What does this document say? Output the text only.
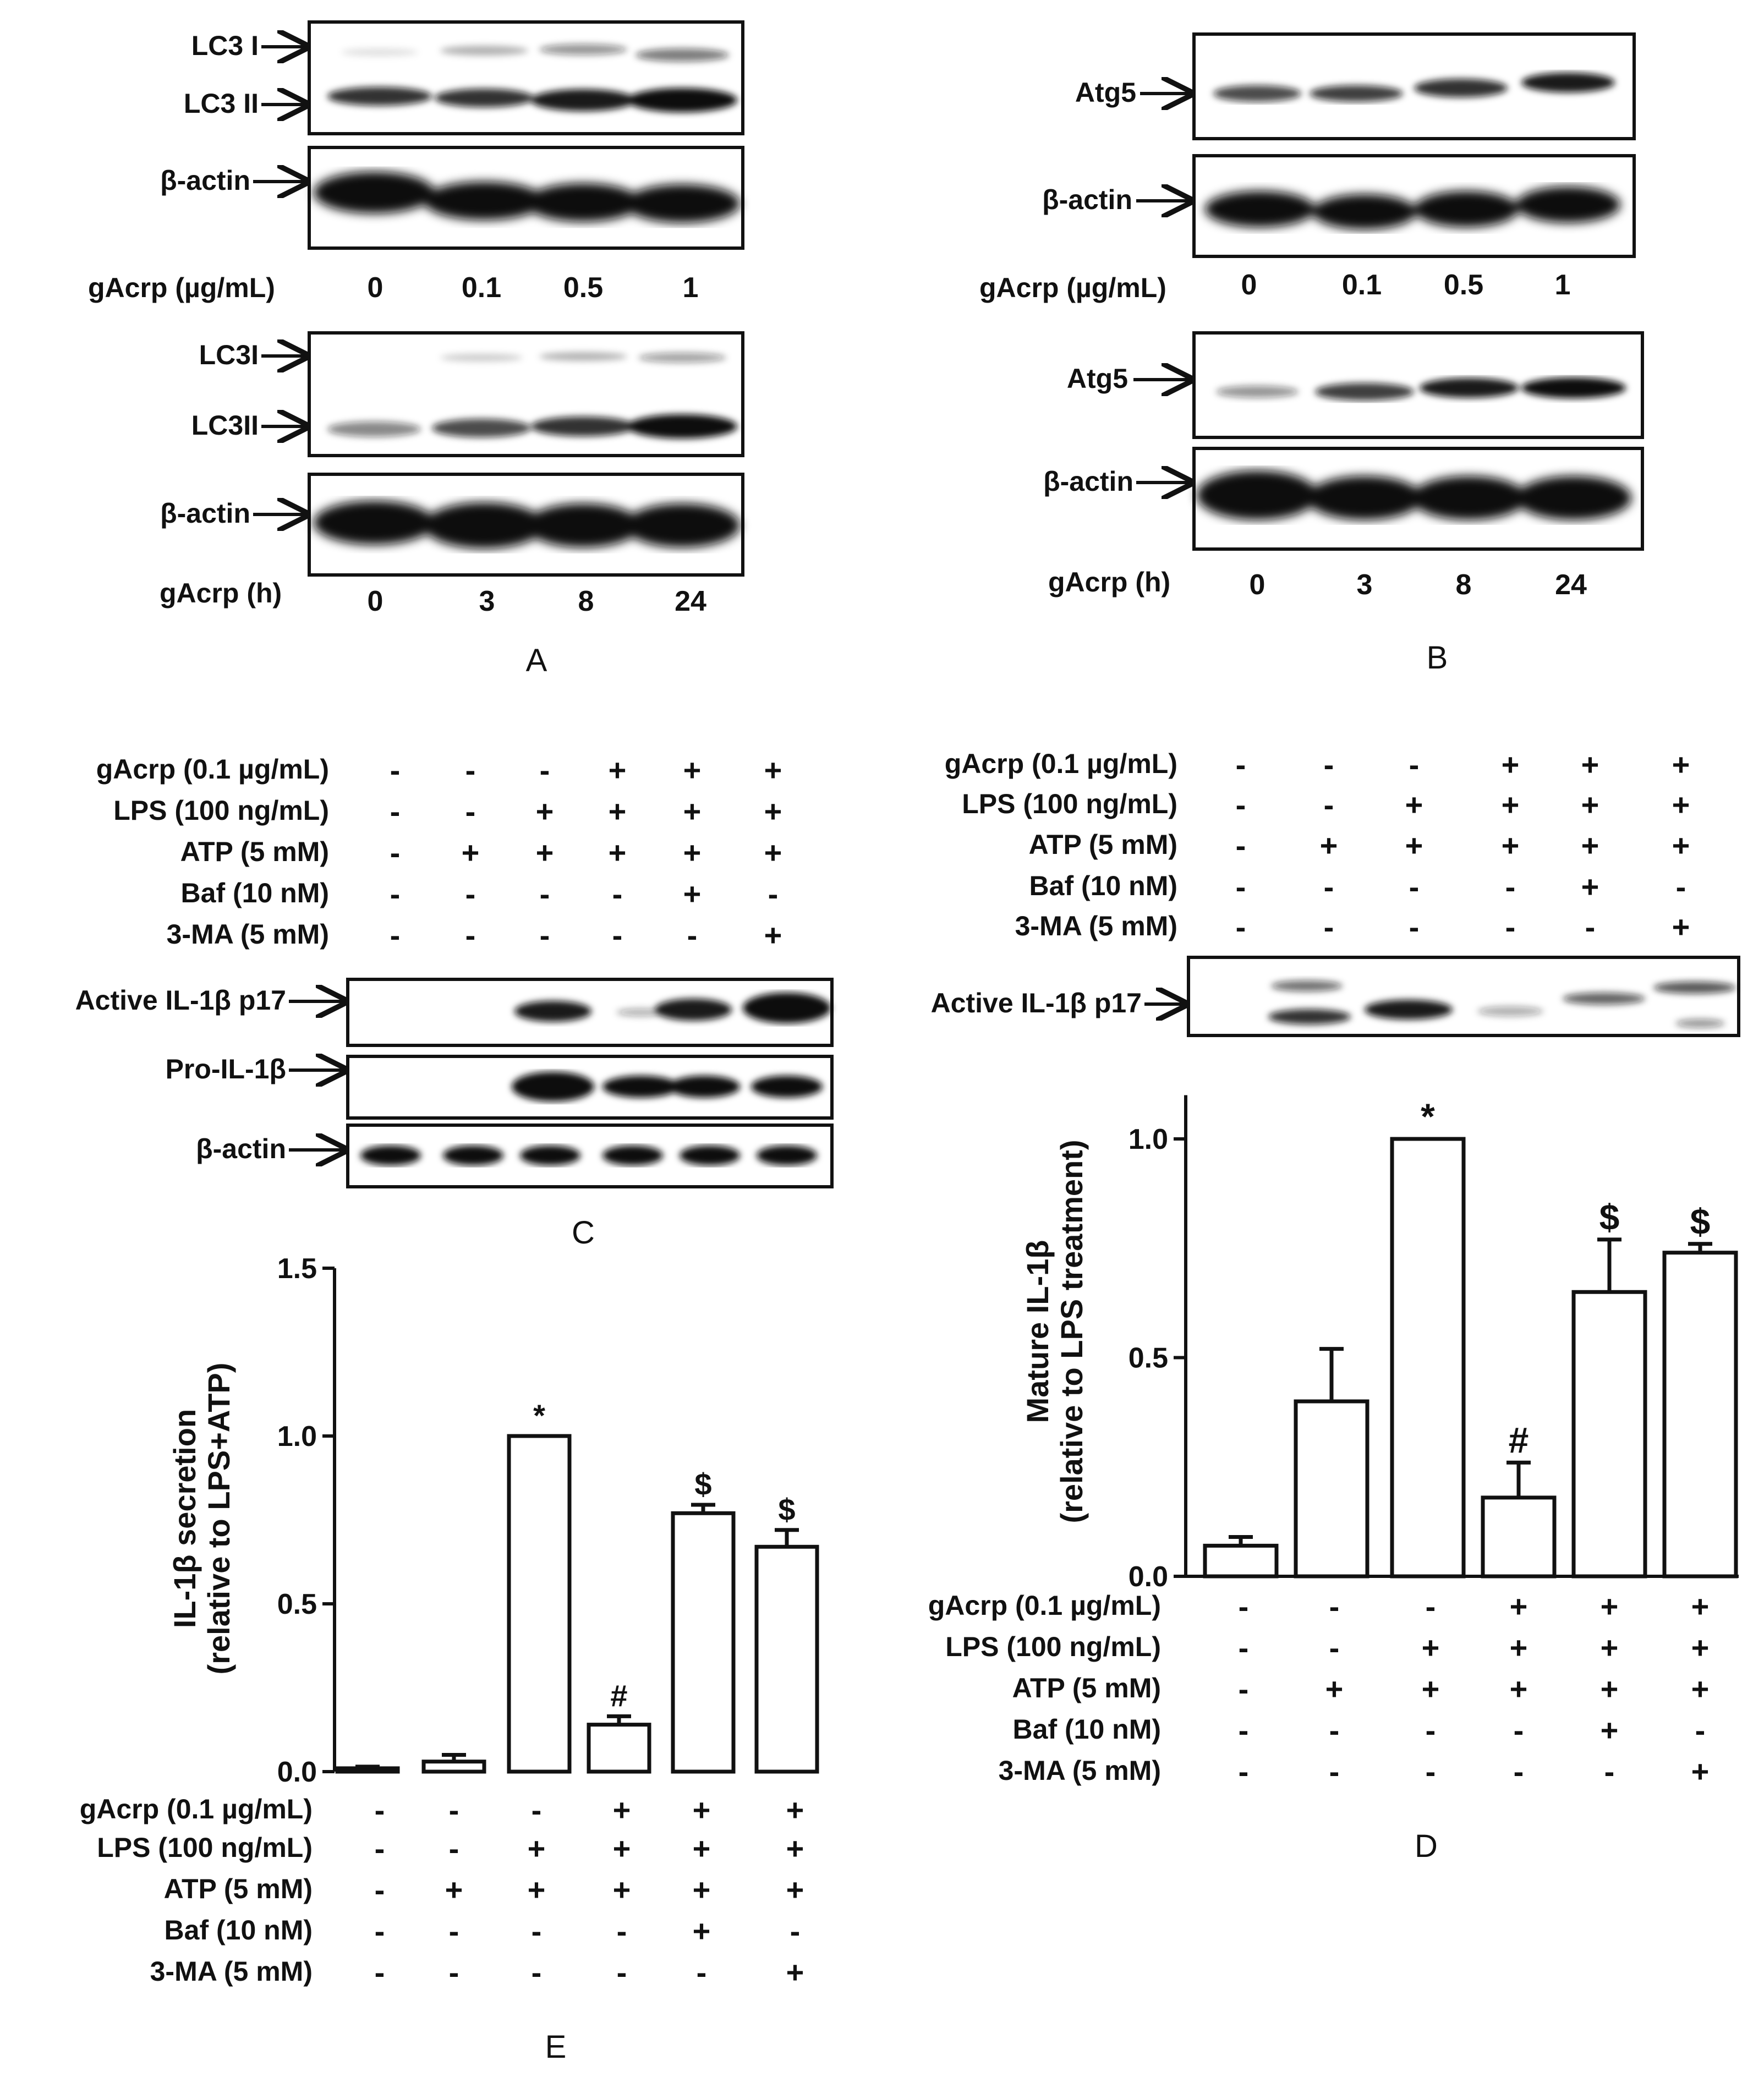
LC3 I
LC3 II
β-actin
gAcrp (µg/mL)	0	0.1 0.5	1
LC3I
LC3II
β-actin
gAcrp (h)	0	3	8	24
A
Atg5
β-actin
gAcrp (µg/mL)	0	0.1 0.5 1
Atg5
β-actin
gAcrp (h)	0	3	8	24
B
gAcrp (0.1 µg/mL) - - - + + +
LPS (100 ng/mL) - - + + + +
ATP (5 mM) - + + + + +
Baf (10 nM) - - - - + -
3-MA (5 mM) - - - - - +
Active IL-1β p17
Pro-IL-1β
β-actin
C
gAcrp (0.1 µg/mL) -	- -	+ + +
LPS (100 ng/mL) -	- +	+ + +
ATP (5 mM) - + +	+ + +
Baf (10 nM) -	- -	- + -
3-MA (5 mM) -	- -	- - +
Active IL-1β p17
0.0
0.5
1.0
*
#
$ $
Mature IL-1β (relative to LPS treatment)
gAcrp (0.1 µg/mL)	-	-	- + + +
LPS (100 ng/mL)	-	-	+ + + +
ATP (5 mM)	- +	+ + + +
Baf (10 nM)	-	-	-	- + -
3-MA (5 mM)	-	-	-	-	- +
D
0.0
0.5
1.0
1.5
*
#
$
$
IL-1β secretion (relative to LPS+ATP)
gAcrp (0.1 µg/mL) - - - + + +
LPS (100 ng/mL) - - + + + +
ATP (5 mM) - + + + + +
Baf (10 nM) - - - - +	-
3-MA (5 mM) - - - - -	+
E
